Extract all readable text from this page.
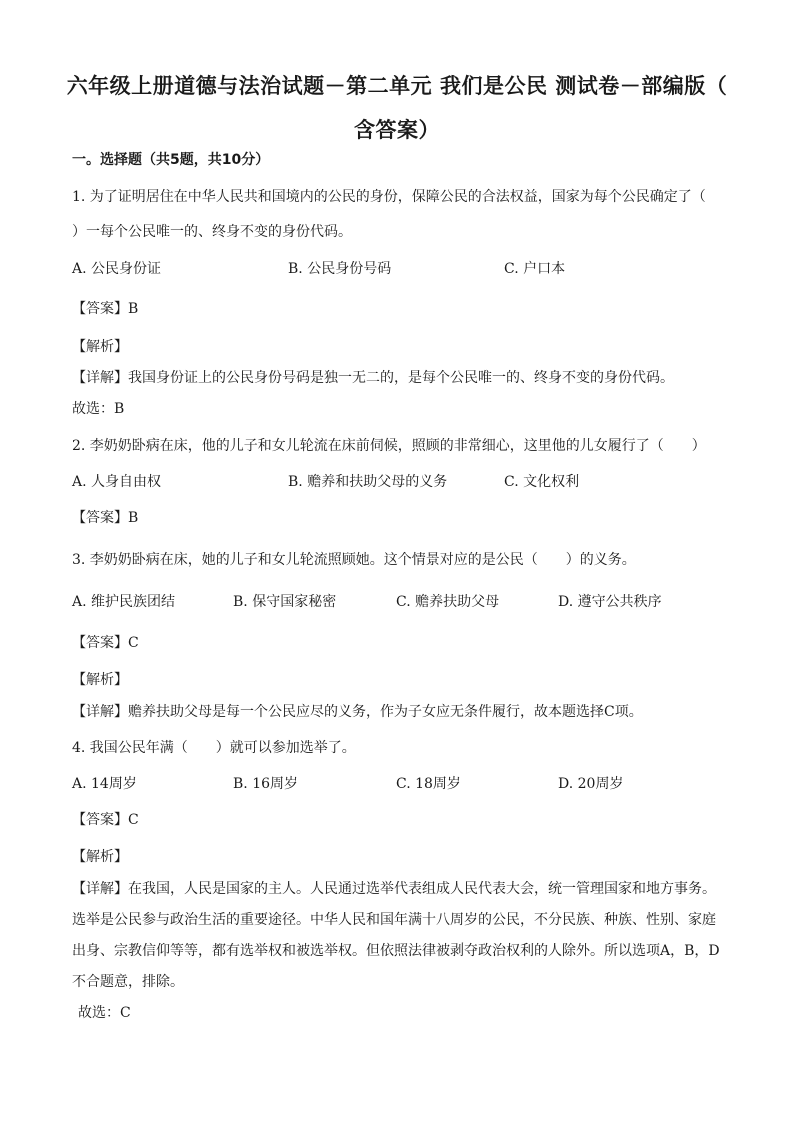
六年级上册道德与法治试题－第二单元 我们是公民 测试卷－部编版（
含答案）
一。选择题（共5题，共10分）
1. 为了证明居住在中华人民共和国境内的公民的身份，保障公民的合法权益，国家为每个公民确定了（
）一每个公民唯一的、终身不变的身份代码。
A. 公民身份证	B. 公民身份号码	C. 户口本
【答案】B
【解析】
【详解】我国身份证上的公民身份号码是独一无二的，是每个公民唯一的、终身不变的身份代码。
故选：B
2. 李奶奶卧病在床，他的儿子和女儿轮流在床前伺候，照顾的非常细心，这里他的儿女履行了（　　）
A. 人身自由权	B. 赡养和扶助父母的义务	C. 文化权利
【答案】B
3. 李奶奶卧病在床，她的儿子和女儿轮流照顾她。这个情景对应的是公民（　　）的义务。
A. 维护民族团结	B. 保守国家秘密	C. 赡养扶助父母	D. 遵守公共秩序
【答案】C
【解析】
【详解】赡养扶助父母是每一个公民应尽的义务，作为子女应无条件履行，故本题选择C项。
4. 我国公民年满（　　）就可以参加选举了。
A. 14周岁	B. 16周岁	C. 18周岁	D. 20周岁
【答案】C
【解析】
【详解】在我国，人民是国家的主人。人民通过选举代表组成人民代表大会，统一管理国家和地方事务。
选举是公民参与政治生活的重要途径。中华人民和国年满十八周岁的公民，不分民族、种族、性别、家庭
出身、宗教信仰等等，都有选举权和被选举权。但依照法律被剥夺政治权利的人除外。所以选项A，B，D
不合题意，排除。
故选：C
